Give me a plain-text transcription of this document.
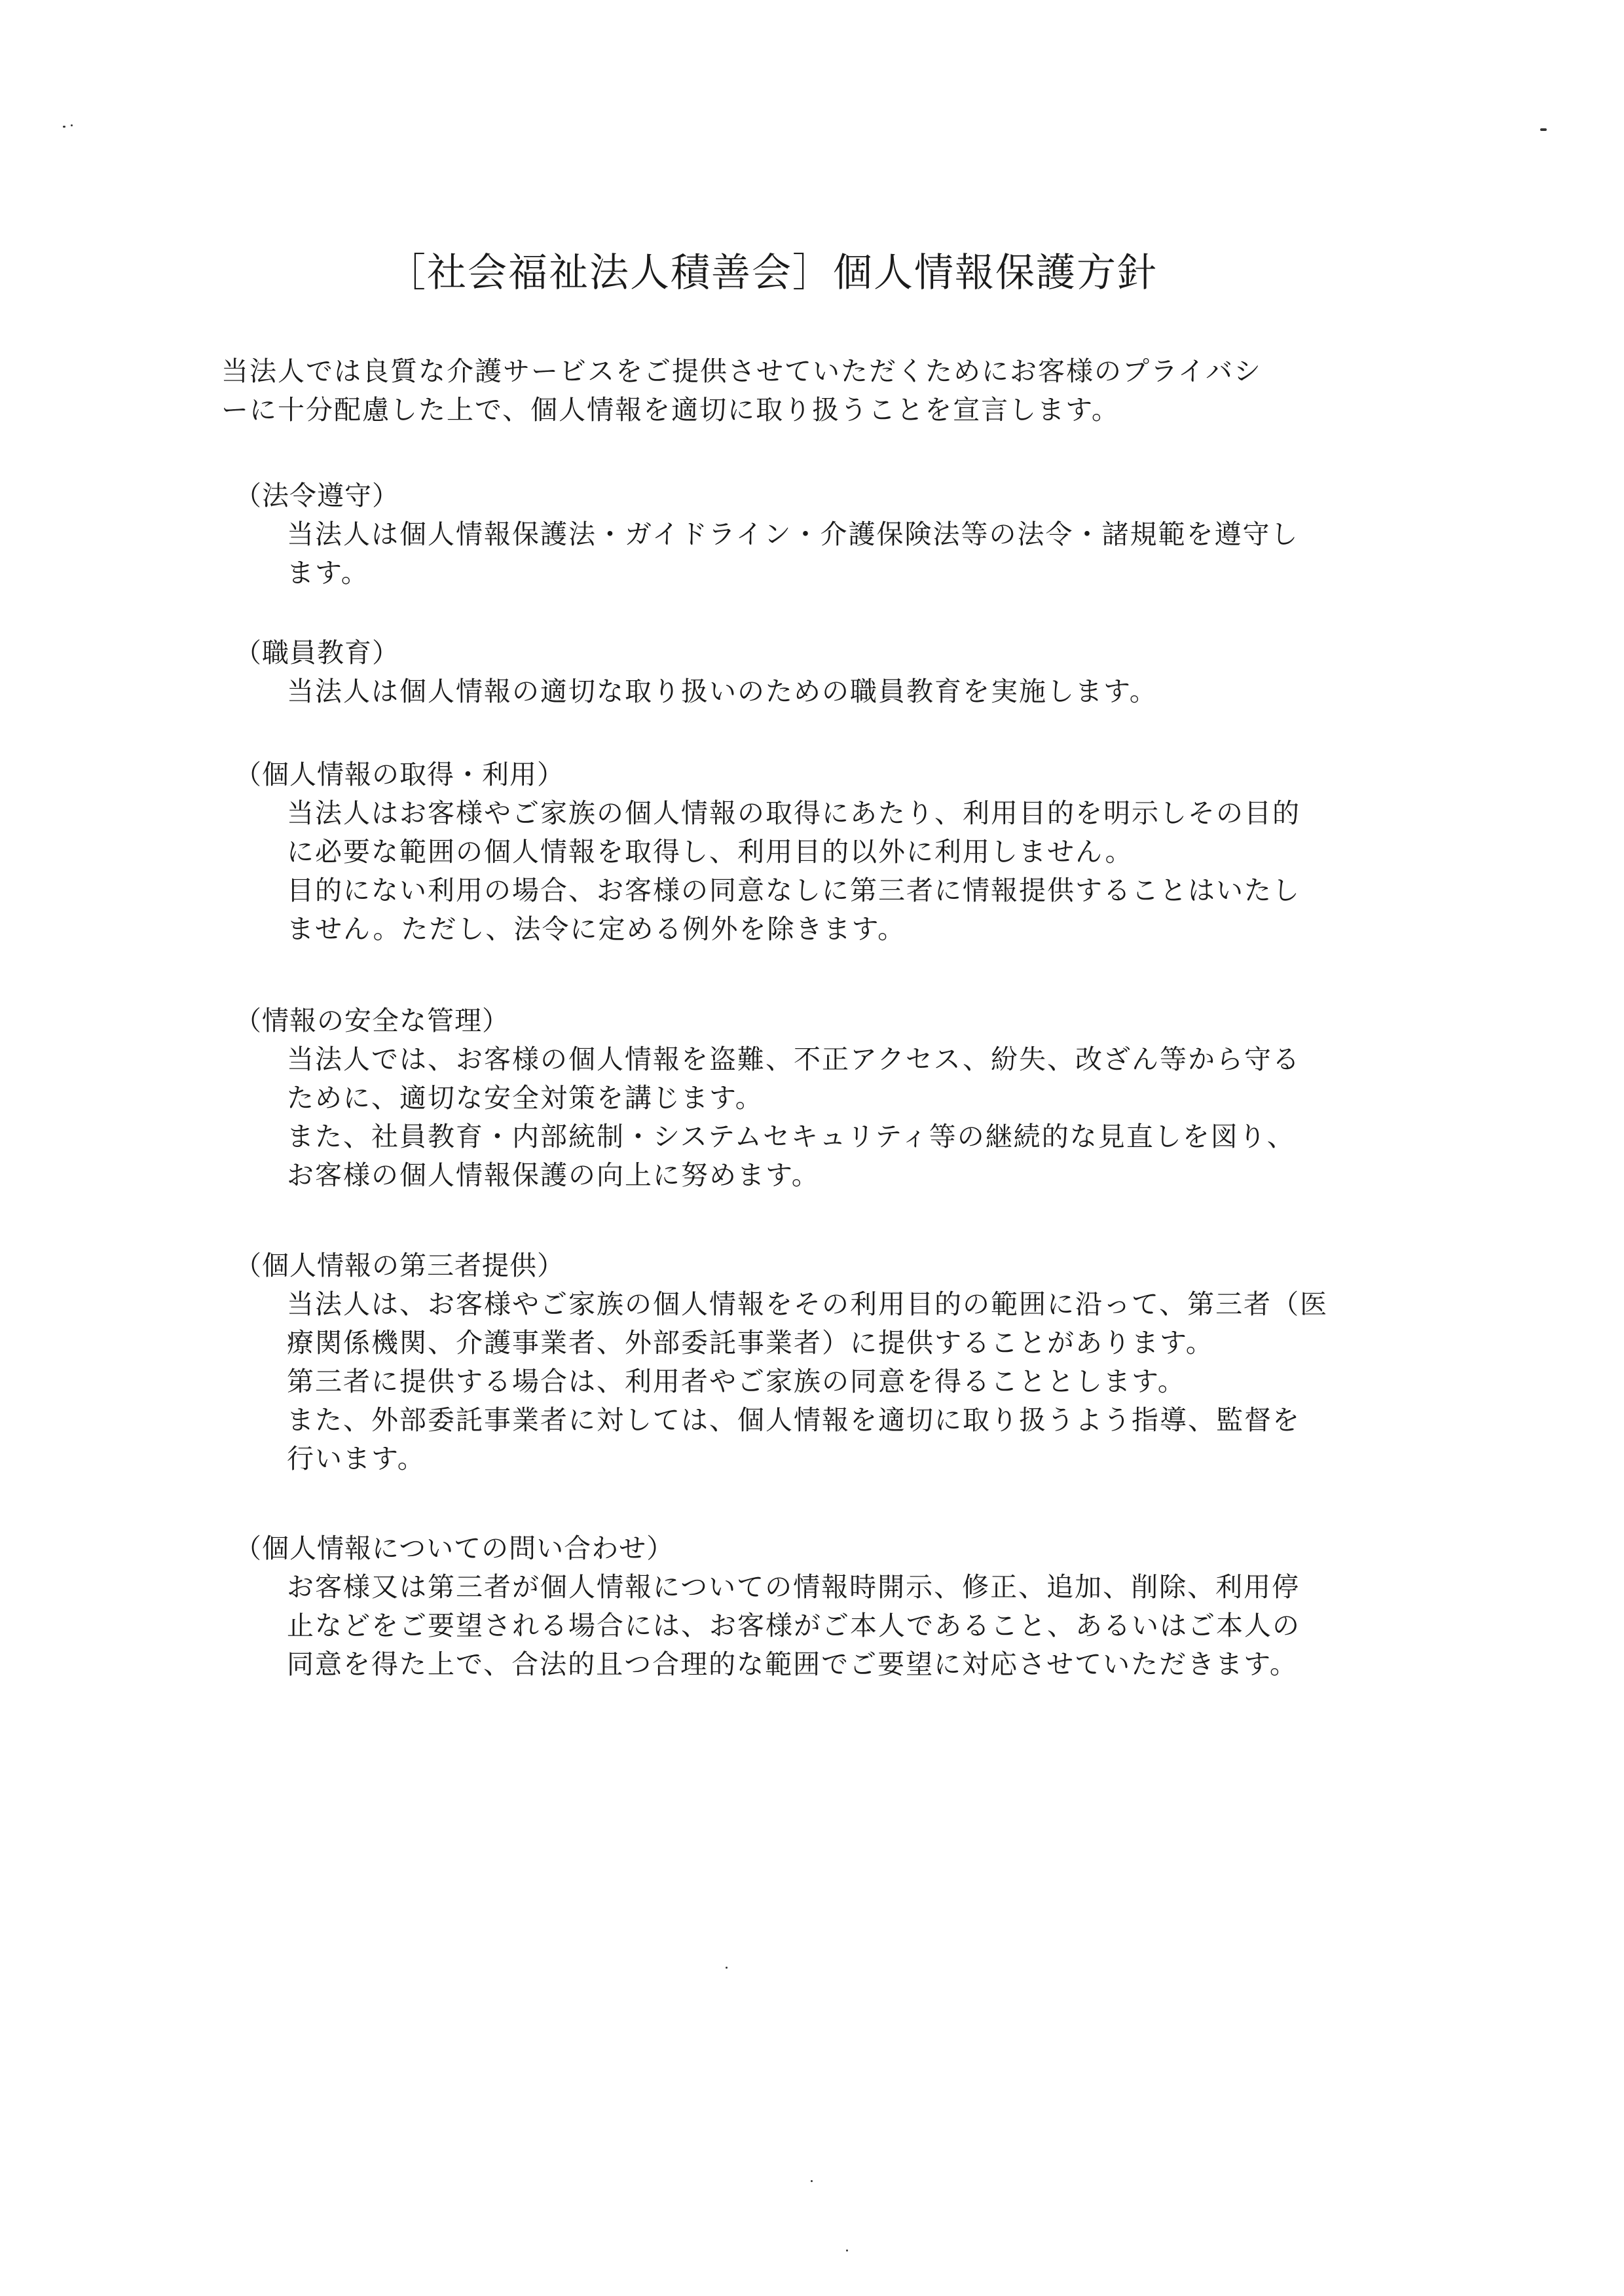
［社会福祉法人積善会］個人情報保護方針

当法人では良質な介護サービスをご提供させていただくためにお客様のプライバシ

ーに十分配慮した上で、個人情報を適切に取り扱うことを宣言します。

（法令遵守）

当法人は個人情報保護法・ガイドライン・介護保険法等の法令・諸規範を遵守し

ます。

（職員教育）

当法人は個人情報の適切な取り扱いのための職員教育を実施します。

（個人情報の取得・利用）

当法人はお客様やご家族の個人情報の取得にあたり、利用目的を明示しその目的

に必要な範囲の個人情報を取得し、利用目的以外に利用しません。

目的にない利用の場合、お客様の同意なしに第三者に情報提供することはいたし

ません。ただし、法令に定める例外を除きます。

（情報の安全な管理）

当法人では、お客様の個人情報を盗難、不正アクセス、紛失、改ざん等から守る

ために、適切な安全対策を講じます。

また、社員教育・内部統制・システムセキュリティ等の継続的な見直しを図り、

お客様の個人情報保護の向上に努めます。

（個人情報の第三者提供）

当法人は、お客様やご家族の個人情報をその利用目的の範囲に沿って、第三者（医

療関係機関、介護事業者、外部委託事業者）に提供することがあります。

第三者に提供する場合は、利用者やご家族の同意を得ることとします。

また、外部委託事業者に対しては、個人情報を適切に取り扱うよう指導、監督を

行います。

（個人情報についての問い合わせ）

お客様又は第三者が個人情報についての情報時開示、修正、追加、削除、利用停

止などをご要望される場合には、お客様がご本人であること、あるいはご本人の

同意を得た上で、合法的且つ合理的な範囲でご要望に対応させていただきます。
